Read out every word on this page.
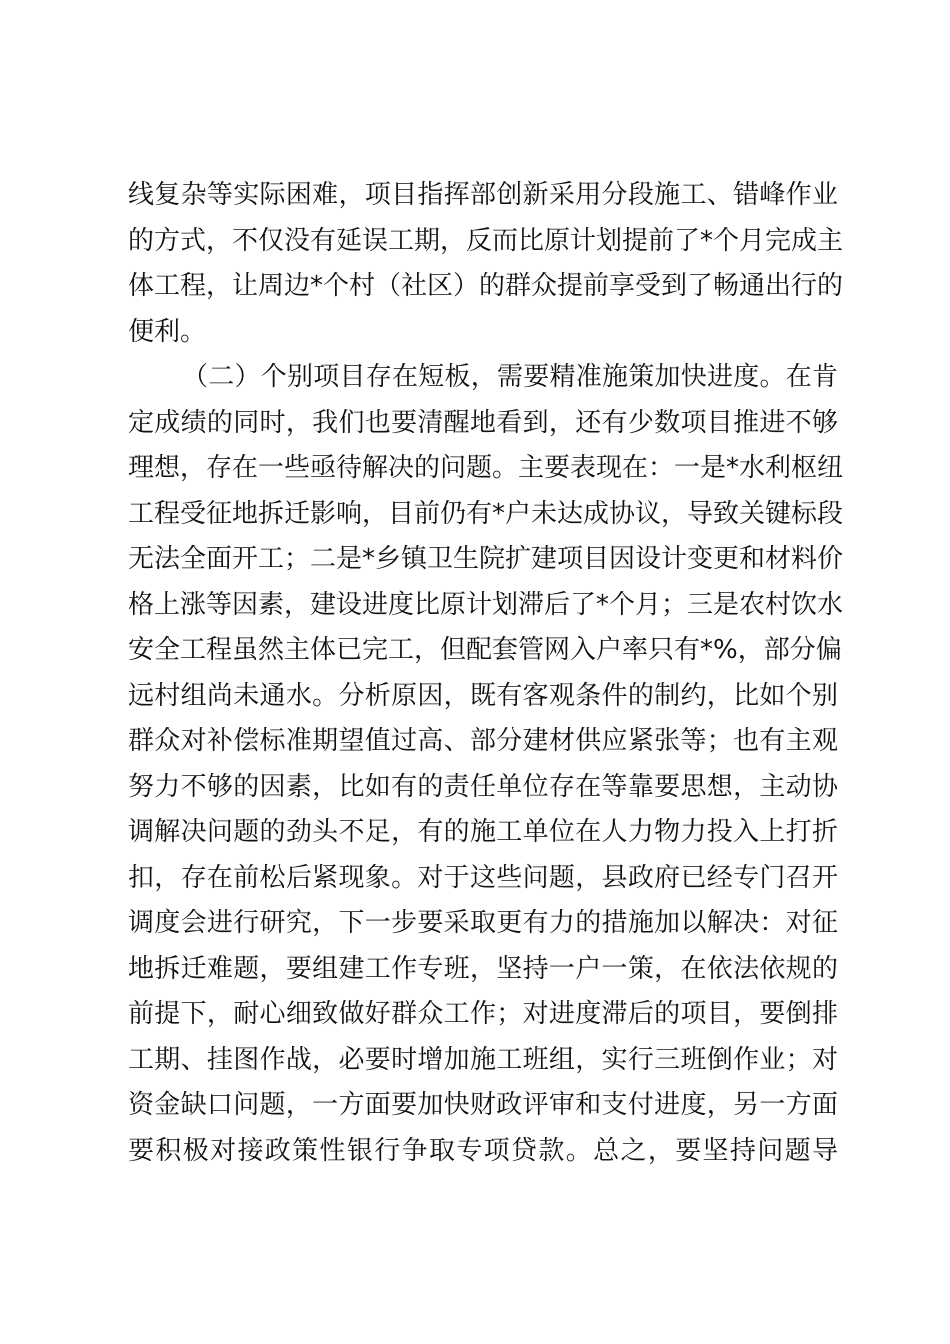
线复杂等实际困难，项目指挥部创新采用分段施工、错峰作业
的方式，不仅没有延误工期，反而比原计划提前了*个月完成主
体工程，让周边*个村（社区）的群众提前享受到了畅通出行的
便利。
（二）个别项目存在短板，需要精准施策加快进度。在肯
定成绩的同时，我们也要清醒地看到，还有少数项目推进不够
理想，存在一些亟待解决的问题。主要表现在：一是*水利枢纽
工程受征地拆迁影响，目前仍有*户未达成协议，导致关键标段
无法全面开工；二是*乡镇卫生院扩建项目因设计变更和材料价
格上涨等因素，建设进度比原计划滞后了*个月；三是农村饮水
安全工程虽然主体已完工，但配套管网入户率只有*%，部分偏
远村组尚未通水。分析原因，既有客观条件的制约，比如个别
群众对补偿标准期望值过高、部分建材供应紧张等；也有主观
努力不够的因素，比如有的责任单位存在等靠要思想，主动协
调解决问题的劲头不足，有的施工单位在人力物力投入上打折
扣，存在前松后紧现象。对于这些问题，县政府已经专门召开
调度会进行研究，下一步要采取更有力的措施加以解决：对征
地拆迁难题，要组建工作专班，坚持一户一策，在依法依规的
前提下，耐心细致做好群众工作；对进度滞后的项目，要倒排
工期、挂图作战，必要时增加施工班组，实行三班倒作业；对
资金缺口问题，一方面要加快财政评审和支付进度，另一方面
要积极对接政策性银行争取专项贷款。总之，要坚持问题导
